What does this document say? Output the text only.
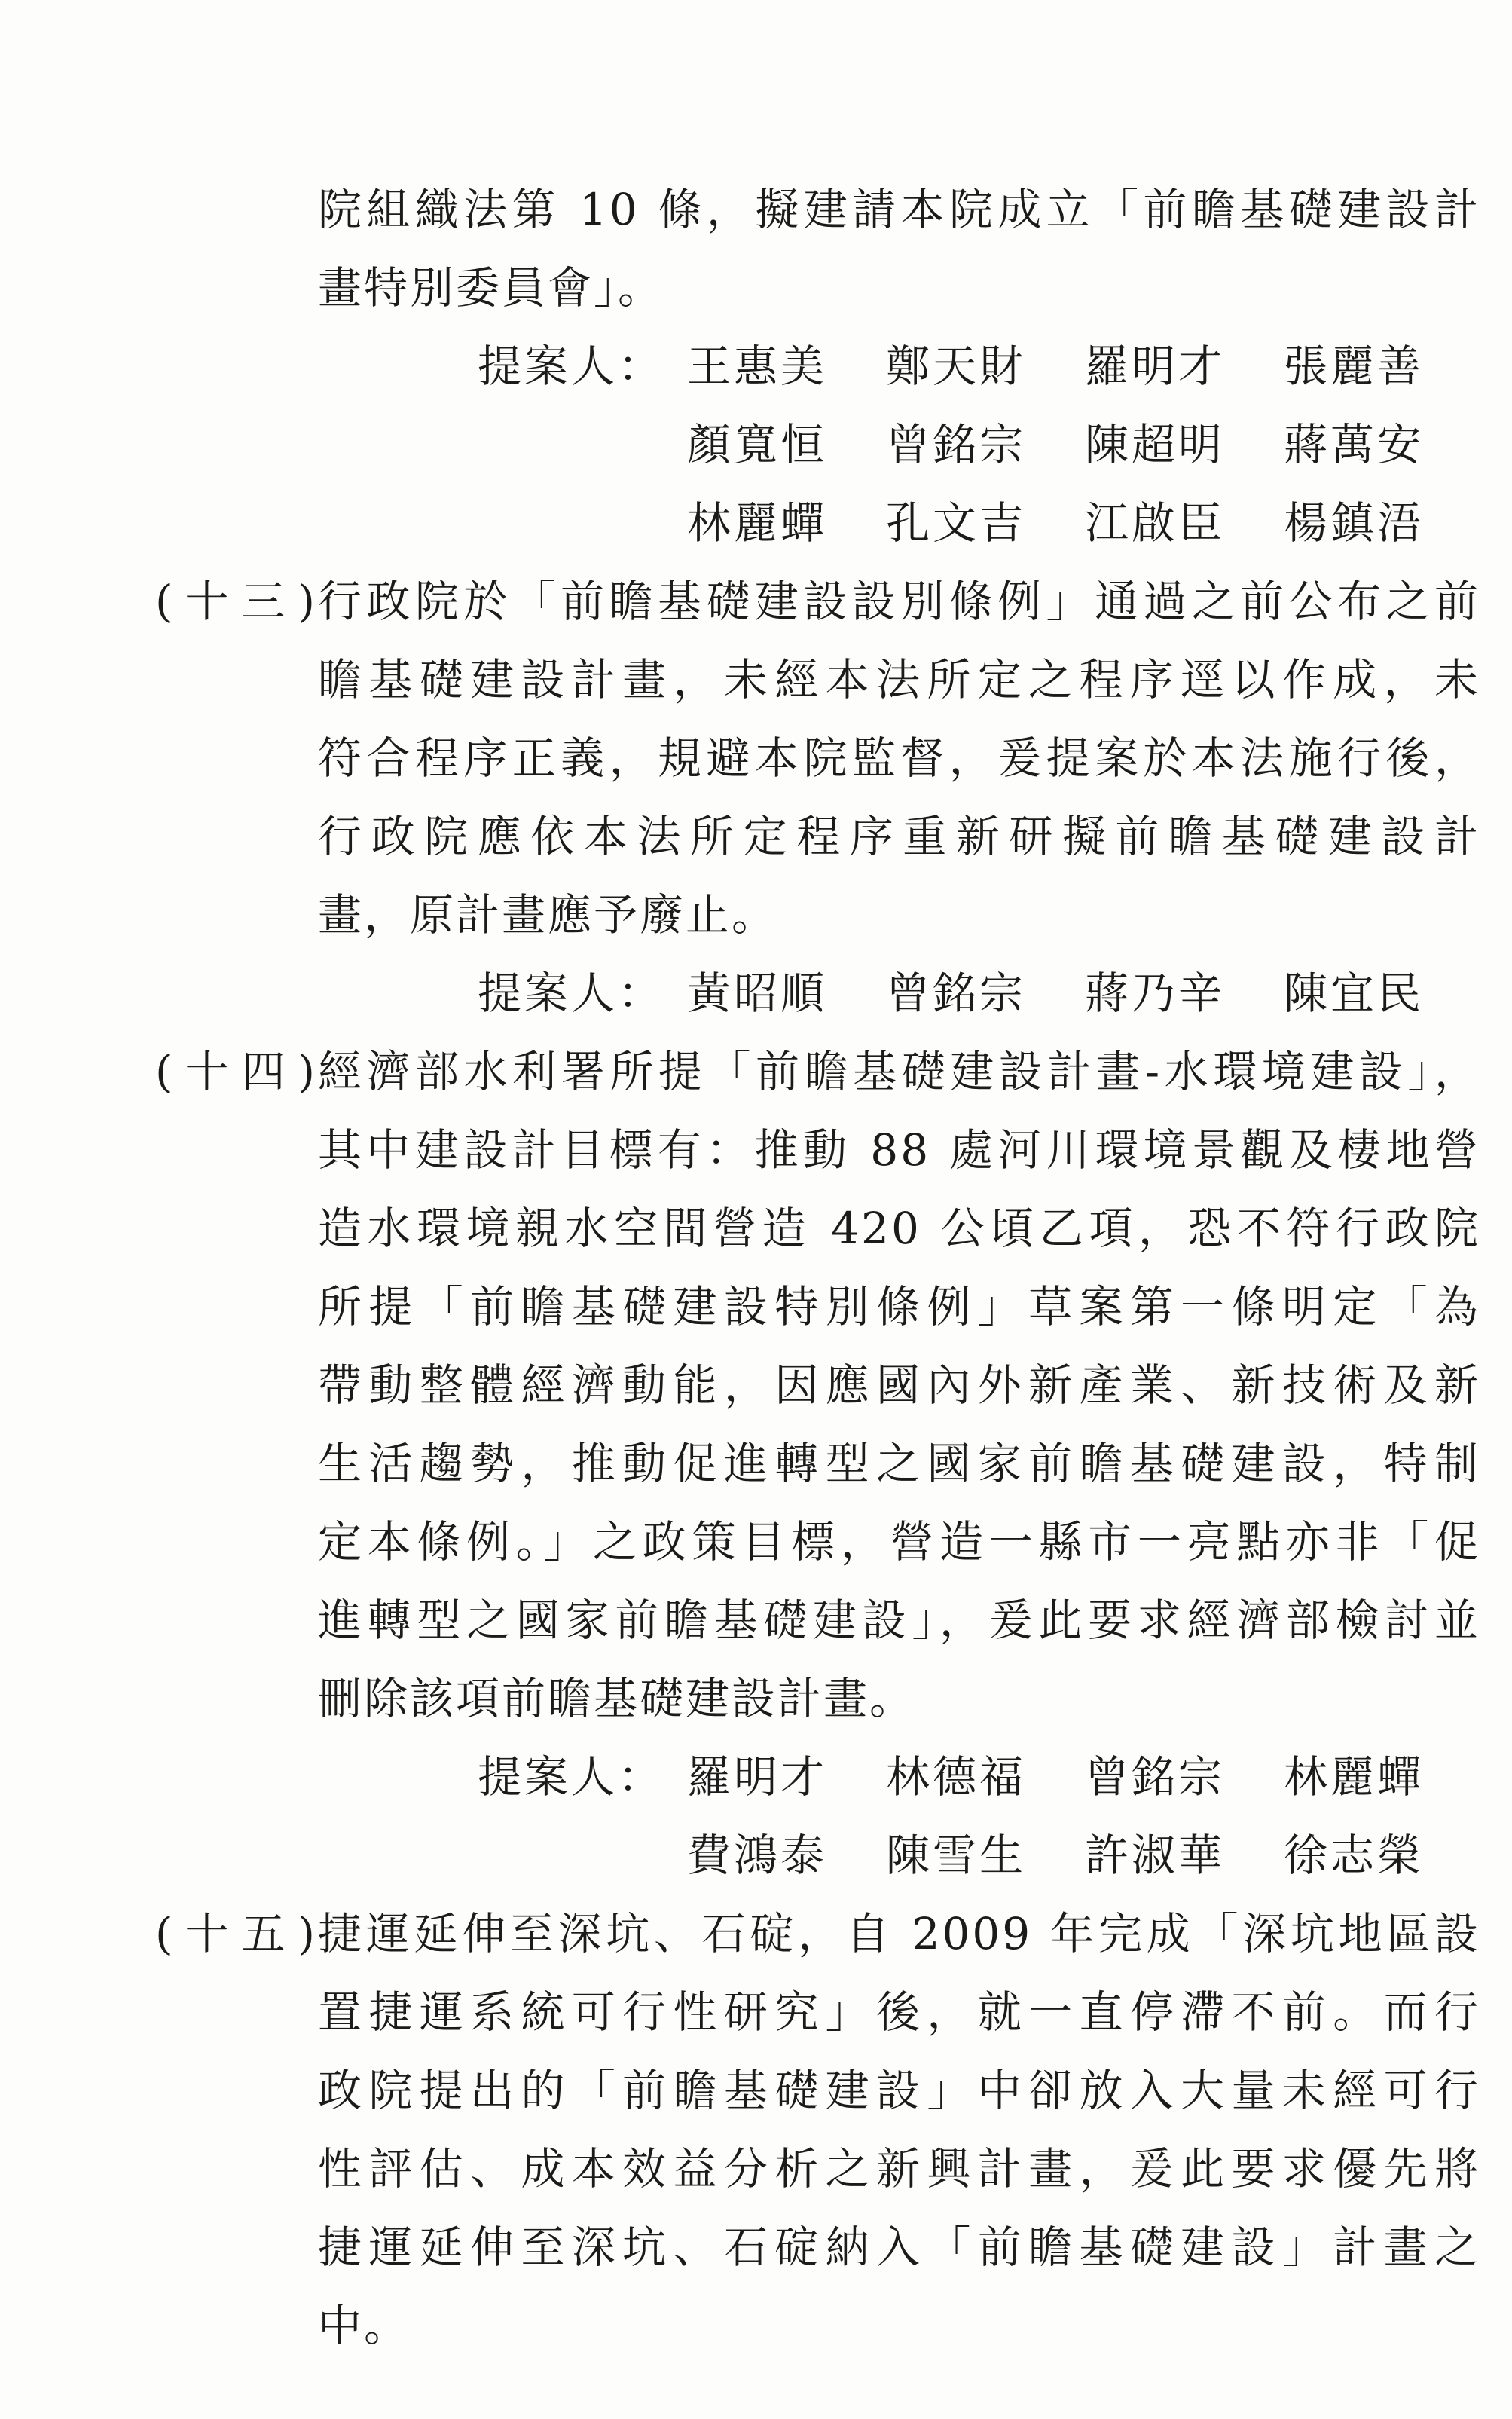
院組織法第 10 條，擬建請本院成立「前瞻基礎建設計
畫特別委員會」。
提案人： 王惠美	鄭天財	羅明才	張麗善
顏寬恒	曾銘宗	陳超明	蔣萬安
林麗蟬	孔文吉	江啟臣	楊鎮浯
(十三) 行政院於「前瞻基礎建設設別條例」通過之前公布之前
瞻基礎建設計畫，未經本法所定之程序逕以作成，未
符合程序正義，規避本院監督，爰提案於本法施行後，
行政院應依本法所定程序重新研擬前瞻基礎建設計
畫，原計畫應予廢止。
提案人： 黃昭順	曾銘宗	蔣乃辛	陳宜民
(十四) 經濟部水利署所提「前瞻基礎建設計畫-水環境建設」，
其中建設計目標有：推動 88 處河川環境景觀及棲地營
造水環境親水空間營造 420 公頃乙項，恐不符行政院
所提「前瞻基礎建設特別條例」草案第一條明定「為
帶動整體經濟動能，因應國內外新產業、新技術及新
生活趨勢，推動促進轉型之國家前瞻基礎建設，特制
定本條例。」之政策目標，營造一縣市一亮點亦非「促
進轉型之國家前瞻基礎建設」，爰此要求經濟部檢討並
刪除該項前瞻基礎建設計畫。
提案人： 羅明才	林德福	曾銘宗	林麗蟬
費鴻泰	陳雪生	許淑華	徐志榮
(十五) 捷運延伸至深坑、石碇，自 2009 年完成「深坑地區設
置捷運系統可行性研究」後，就一直停滯不前。而行
政院提出的「前瞻基礎建設」中卻放入大量未經可行
性評估、成本效益分析之新興計畫，爰此要求優先將
捷運延伸至深坑、石碇納入「前瞻基礎建設」計畫之
中。
